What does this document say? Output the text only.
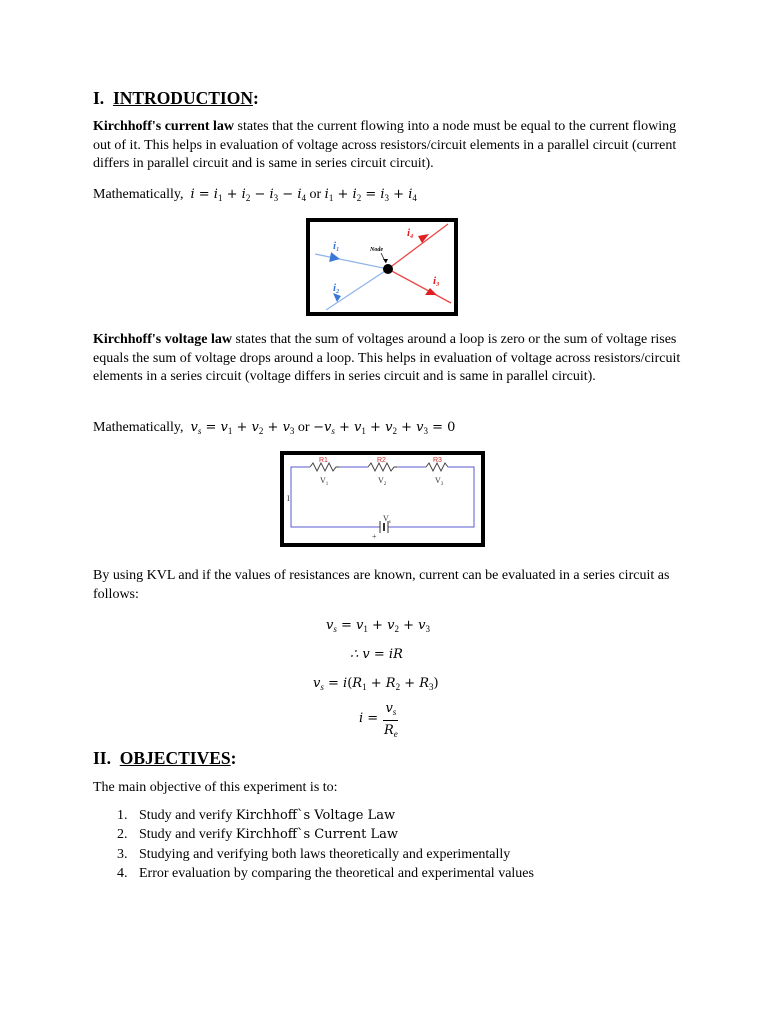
I. INTRODUCTION:
Kirchhoff's current law states that the current flowing into a node must be equal to the current flowing out of it. This helps in evaluation of voltage across resistors/circuit elements in a parallel circuit (current differs in parallel circuit and is same in series circuit circuit).
Mathematically, $i = i_1 + i_2 - i_3 - i_4$ or $i_1 + i_2 = i_3 + i_4$
Node
i1
i2
i4
i3
Kirchhoff's voltage law states that the sum of voltages around a loop is zero or the sum of voltage rises equals the sum of voltage drops around a loop. This helps in evaluation of voltage across resistors/circuit elements in a series circuit (voltage differs in series circuit and is same in parallel circuit).
Mathematically, $v_s = v_1 + v_2 + v_3$ or $-v_s + v_1 + v_2 + v_3 = 0$
R1	R2	R3
$V_1$	$V_2$	$V_3$
I
$V_s$
+
By using KVL and if the values of resistances are known, current can be evaluated in a series circuit as follows:
$v_s = v_1 + v_2 + v_3$
∴ v = iR
$v_s = i(R_1 + R_2 + R_3)$
$i = \frac{v_s}{R_e}$
II. OBJECTIVES:
The main objective of this experiment is to:
1. Study and verify Kirchhoff`s Voltage Law
2. Study and verify Kirchhoff`s Current Law
3. Studying and verifying both laws theoretically and experimentally
4. Error evaluation by comparing the theoretical and experimental values
